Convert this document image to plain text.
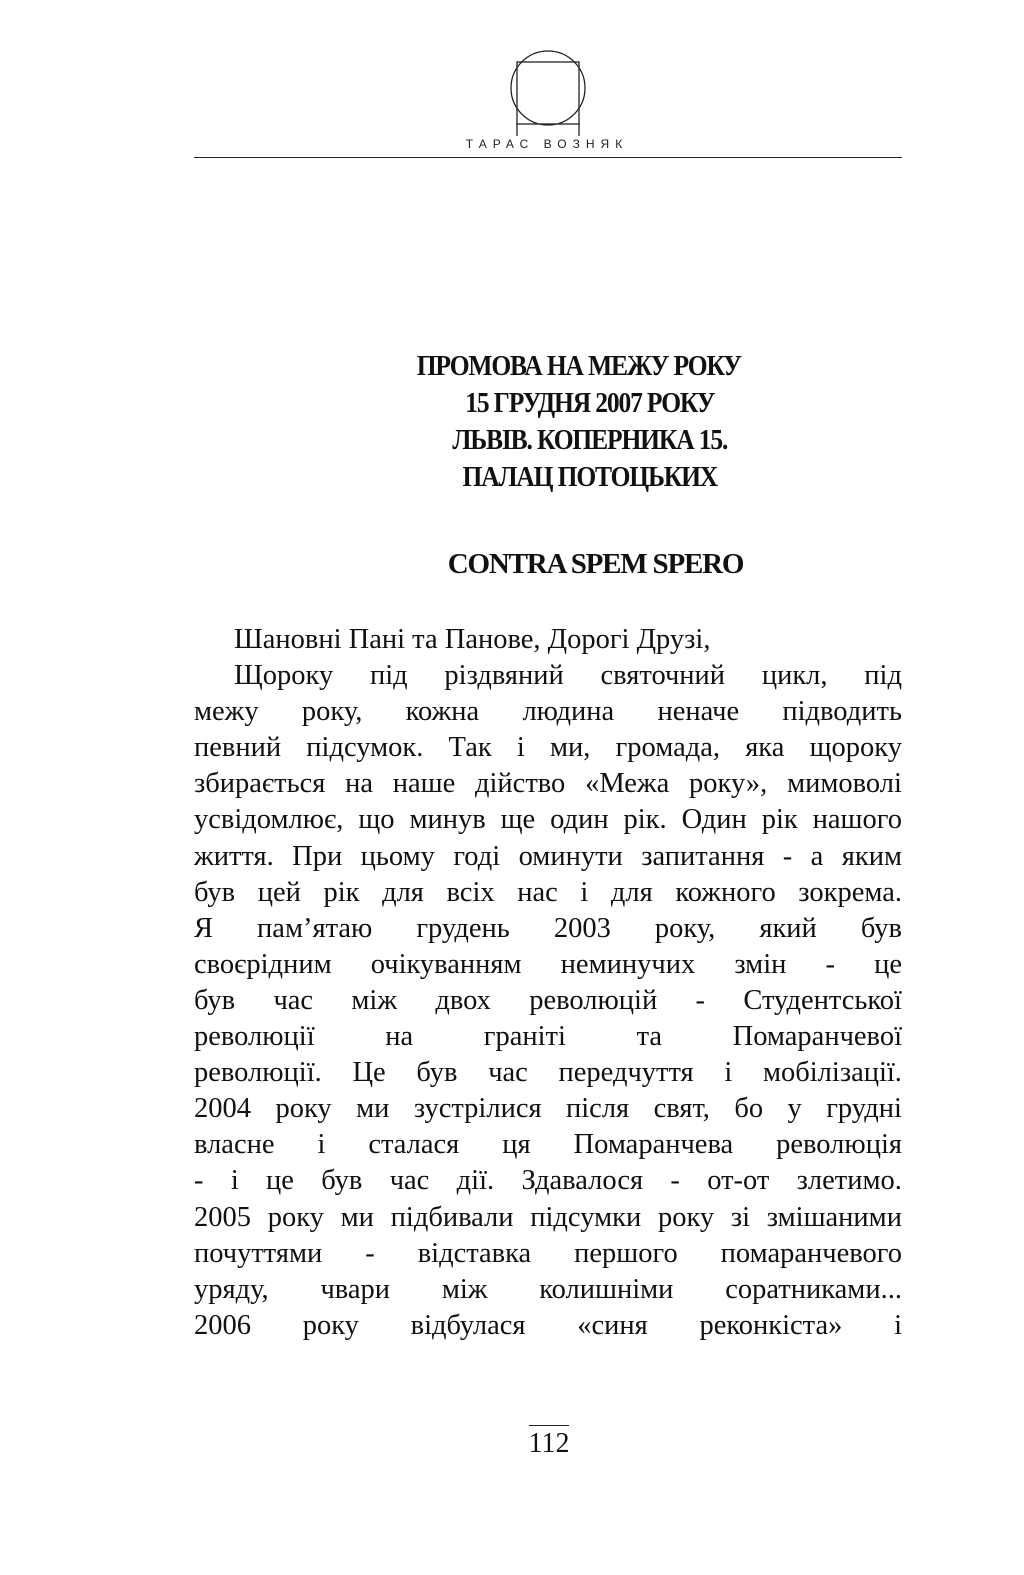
ТАРАС ВОЗНЯК
ПРОМОВА НА МЕЖУ РОКУ
15 ГРУДНЯ 2007 РОКУ
ЛЬВІВ. КОПЕРНИКА 15.
ПАЛАЦ ПОТОЦЬКИХ
CONTRA SPEM SPERO
Шановні Пані та Панове, Дорогі Друзі,
Щороку під різдвяний святочний цикл, під
межу року, кожна людина неначе підводить
певний підсумок. Так і ми, громада, яка щороку
збирається на наше дійство «Межа року», мимоволі
усвідомлює, що минув ще один рік. Один рік нашого
життя. При цьому годі оминути запитання - а яким
був цей рік для всіх нас і для кожного зокрема.
Я пам’ятаю грудень 2003 року, який був
своєрідним очікуванням неминучих змін - це
був час між двох революцій - Студентської
революції на граніті та Помаранчевої
революції. Це був час передчуття і мобілізації.
2004 року ми зустрілися після свят, бо у грудні
власне і сталася ця Помаранчева революція
- і це був час дії. Здавалося - от-от злетимо.
2005 року ми підбивали підсумки року зі змішаними
почуттями - відставка першого помаранчевого
уряду, чвари між колишніми соратниками...
2006 року відбулася «синя реконкіста» і
112
